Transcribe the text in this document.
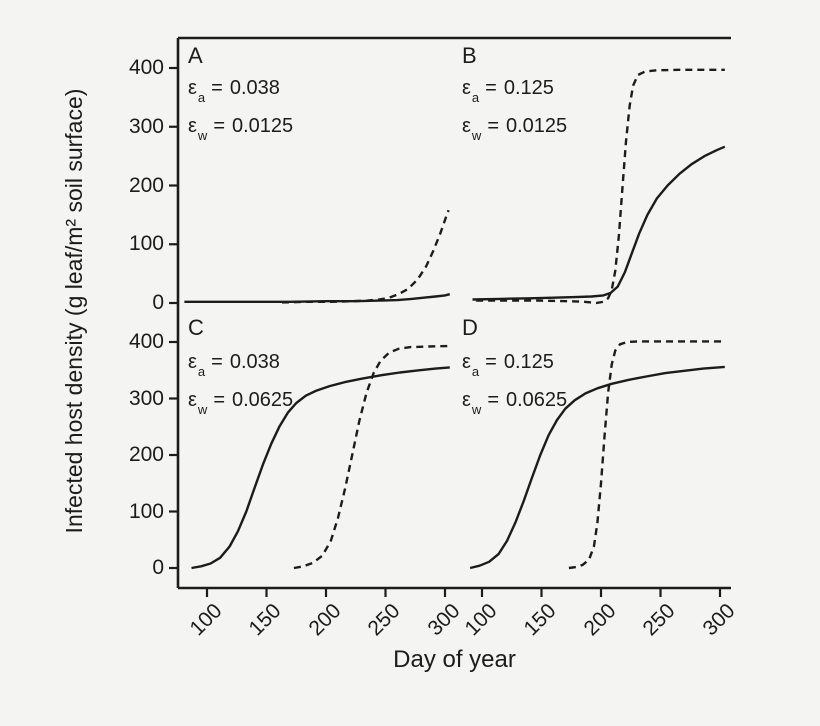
Infected host density (g leaf/m² soil surface)
Day of year
0
100
200
300
400
0
100
200
300
400
100 150 200 250 300
100 150 200 250 300
A
$\varepsilon_a = 0.038$
$\varepsilon_w = 0.0125$
B
$\varepsilon_a = 0.125$
$\varepsilon_w = 0.0125$
C
$\varepsilon_a = 0.038$
$\varepsilon_w = 0.0625$
D
$\varepsilon_a = 0.125$
$\varepsilon_w = 0.0625$
